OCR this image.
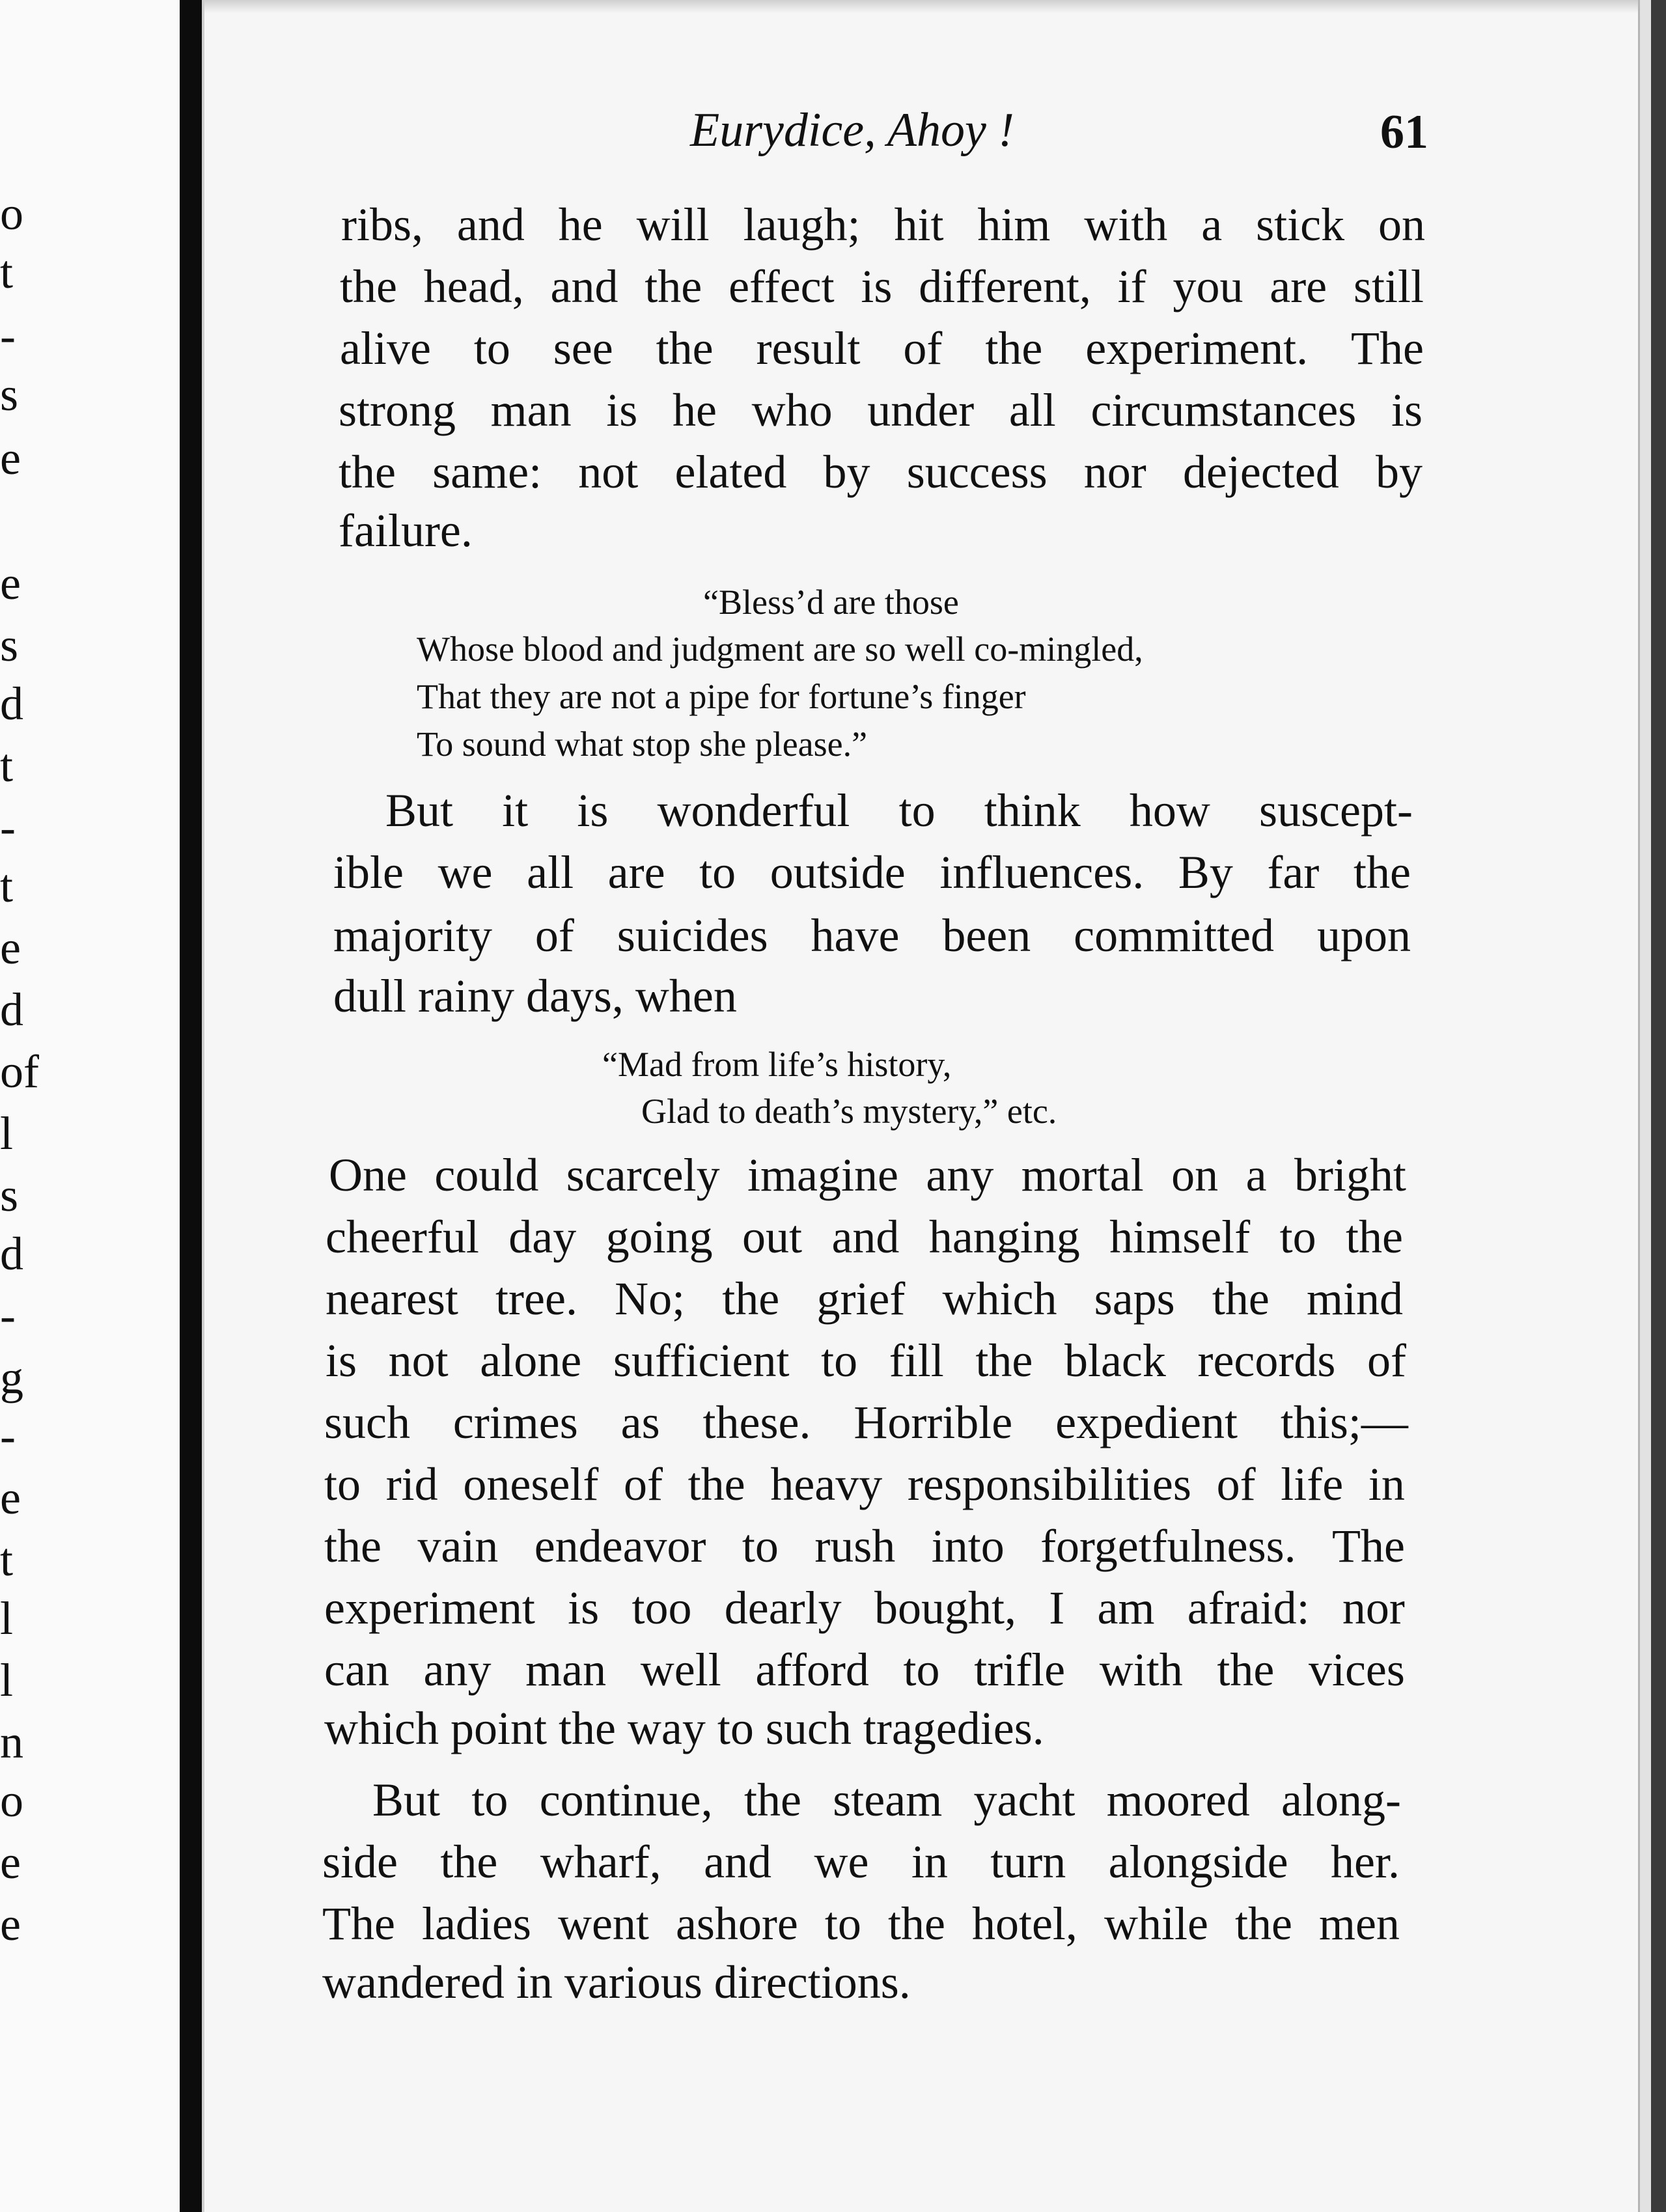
o
t
-
s
e
e
s
d
t
-
t
e
d
of
l
s
d
-
g
-
e
t
l
l
n
o
e
e
Eurydice, Ahoy !	61
ribs, and he will laugh; hit him with a stick on
the head, and the effect is different, if you are still
alive to see the result of the experiment. The
strong man is he who under all circumstances is
the same: not elated by success nor dejected by
failure.
“Bless’d are those
Whose blood and judgment are so well co-mingled,
That they are not a pipe for fortune’s finger
To sound what stop she please.”
But it is wonderful to think how suscept-
ible we all are to outside influences. By far the
majority of suicides have been committed upon
dull rainy days, when
“Mad from life’s history,
Glad to death’s mystery,” etc.
One could scarcely imagine any mortal on a bright
cheerful day going out and hanging himself to the
nearest tree. No; the grief which saps the mind
is not alone sufficient to fill the black records of
such crimes as these. Horrible expedient this;—
to rid oneself of the heavy responsibilities of life in
the vain endeavor to rush into forgetfulness. The
experiment is too dearly bought, I am afraid: nor
can any man well afford to trifle with the vices
which point the way to such tragedies.
But to continue, the steam yacht moored along-
side the wharf, and we in turn alongside her.
The ladies went ashore to the hotel, while the men
wandered in various directions.
